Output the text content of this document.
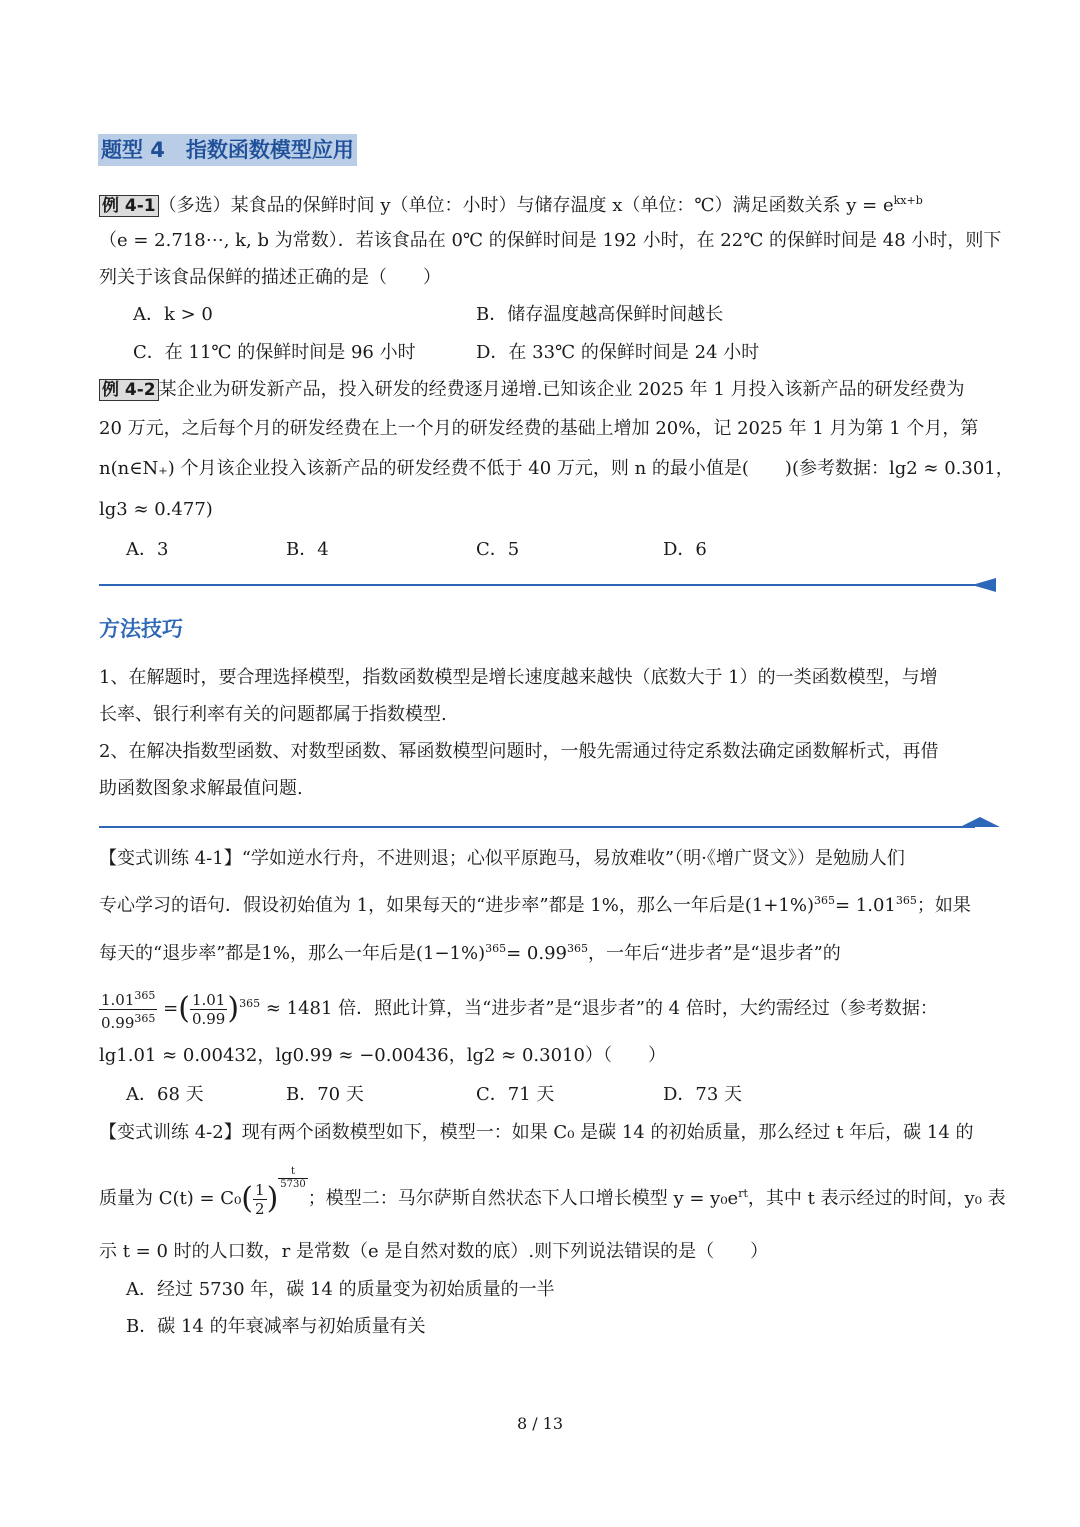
题型 4　指数函数模型应用
例 4-1 （多选）某食品的保鲜时间 y（单位：小时）与储存温度 x（单位：℃）满足函数关系 $y = e^{kx+b}$
（e = 2.718⋯, k, b 为常数）．若该食品在 0℃ 的保鲜时间是 192 小时，在 22℃ 的保鲜时间是 48 小时，则下
列关于该食品保鲜的描述正确的是（　　）
A．k > 0	B．储存温度越高保鲜时间越长
C．在 11℃ 的保鲜时间是 96 小时	D．在 33℃ 的保鲜时间是 24 小时
例 4-2 某企业为研发新产品，投入研发的经费逐月递增.已知该企业 2025 年 1 月投入该新产品的研发经费为
20 万元，之后每个月的研发经费在上一个月的研发经费的基础上增加 20%，记 2025 年 1 月为第 1 个月，第
n(n∈N₊) 个月该企业投入该新产品的研发经费不低于 40 万元，则 n 的最小值是(　　)(参考数据：lg2 ≈ 0.301，
lg3 ≈ 0.477)
A．3	B．4	C．5	D．6
方法技巧
1、在解题时，要合理选择模型，指数函数模型是增长速度越来越快（底数大于 1）的一类函数模型，与增
长率、银行利率有关的问题都属于指数模型.
2、在解决指数型函数、对数型函数、幂函数模型问题时，一般先需通过待定系数法确定函数解析式，再借
助函数图象求解最值问题.
【变式训练 4-1】“学如逆水行舟，不进则退；心似平原跑马，易放难收”（明·《增广贤文》）是勉励人们
专心学习的语句．假设初始值为 1，如果每天的“进步率”都是 1%，那么一年后是$(1+1\%)^{365}= 1.01^{365}$；如果
每天的“退步率”都是1%，那么一年后是$(1-1\%)^{365}= 0.99^{365}$，一年后“进步者”是“退步者”的
$\frac{1.01^{365}}{0.99^{365}}$ =( $\frac{1.01}{0.99} )^{365} \approx 1481$ 倍．照此计算，当“进步者”是“退步者”的 4 倍时，大约需经过（参考数据：
lg1.01 ≈ 0.00432，lg0.99 ≈ −0.00436，lg2 ≈ 0.3010）（　　）
A．68 天	B．70 天	C．71 天	D．73 天
【变式训练 4-2】现有两个函数模型如下，模型一：如果 C₀ 是碳 14 的初始质量，那么经过 t 年后，碳 14 的
质量为 $C(t) = C_0( \frac{1}{2}$ )
$\frac{t}{5730}$
；模型二：马尔萨斯自然状态下人口增长模型 $y = y_0e^{rt}$，其中 t 表示经过的时间，y₀ 表
示 t = 0 时的人口数，r 是常数（e 是自然对数的底）.则下列说法错误的是（　　）
A．经过 5730 年，碳 14 的质量变为初始质量的一半
B．碳 14 的年衰减率与初始质量有关
8 / 13
